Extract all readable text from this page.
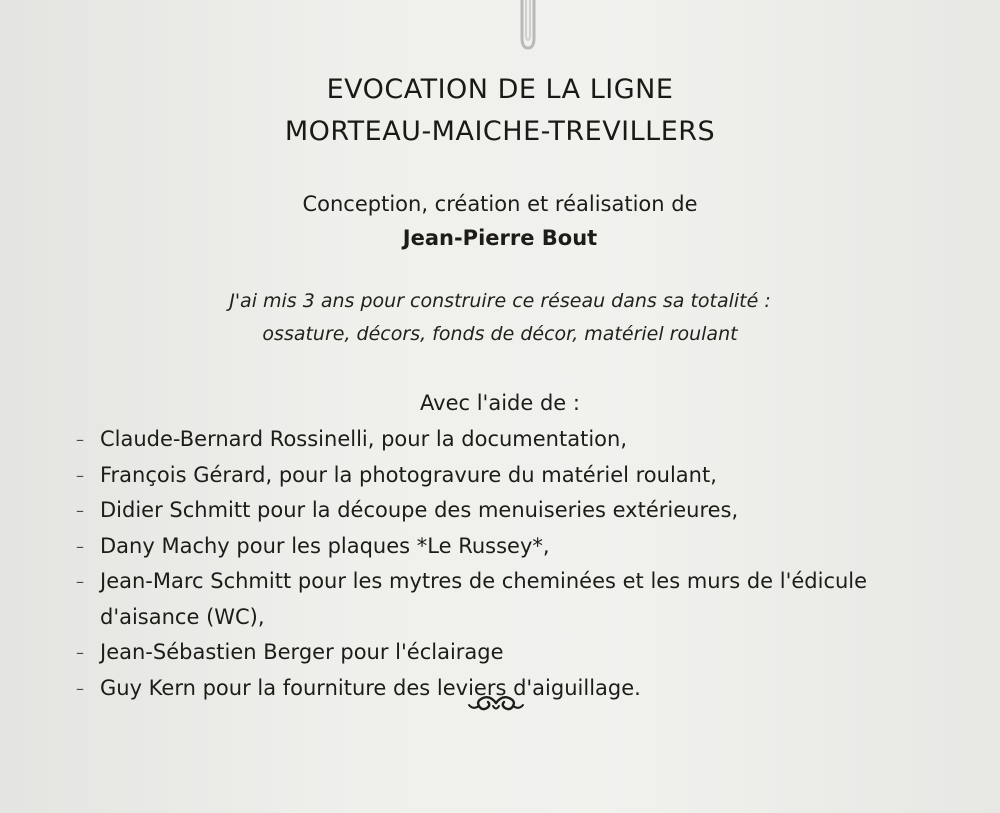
EVOCATION DE LA LIGNE
MORTEAU-MAICHE-TREVILLERS
Conception, création et réalisation de
Jean-Pierre Bout
J'ai mis 3 ans pour construire ce réseau dans sa totalité :
ossature, décors, fonds de décor, matériel roulant
Avec l'aide de :
– Claude-Bernard Rossinelli, pour la documentation,
– François Gérard, pour la photogravure du matériel roulant,
– Didier Schmitt pour la découpe des menuiseries extérieures,
– Dany Machy pour les plaques *Le Russey*,
– Jean-Marc Schmitt pour les mytres de cheminées et les murs de l'édicule
d'aisance (WC),
– Jean-Sébastien Berger pour l'éclairage
– Guy Kern pour la fourniture des leviers d'aiguillage.
